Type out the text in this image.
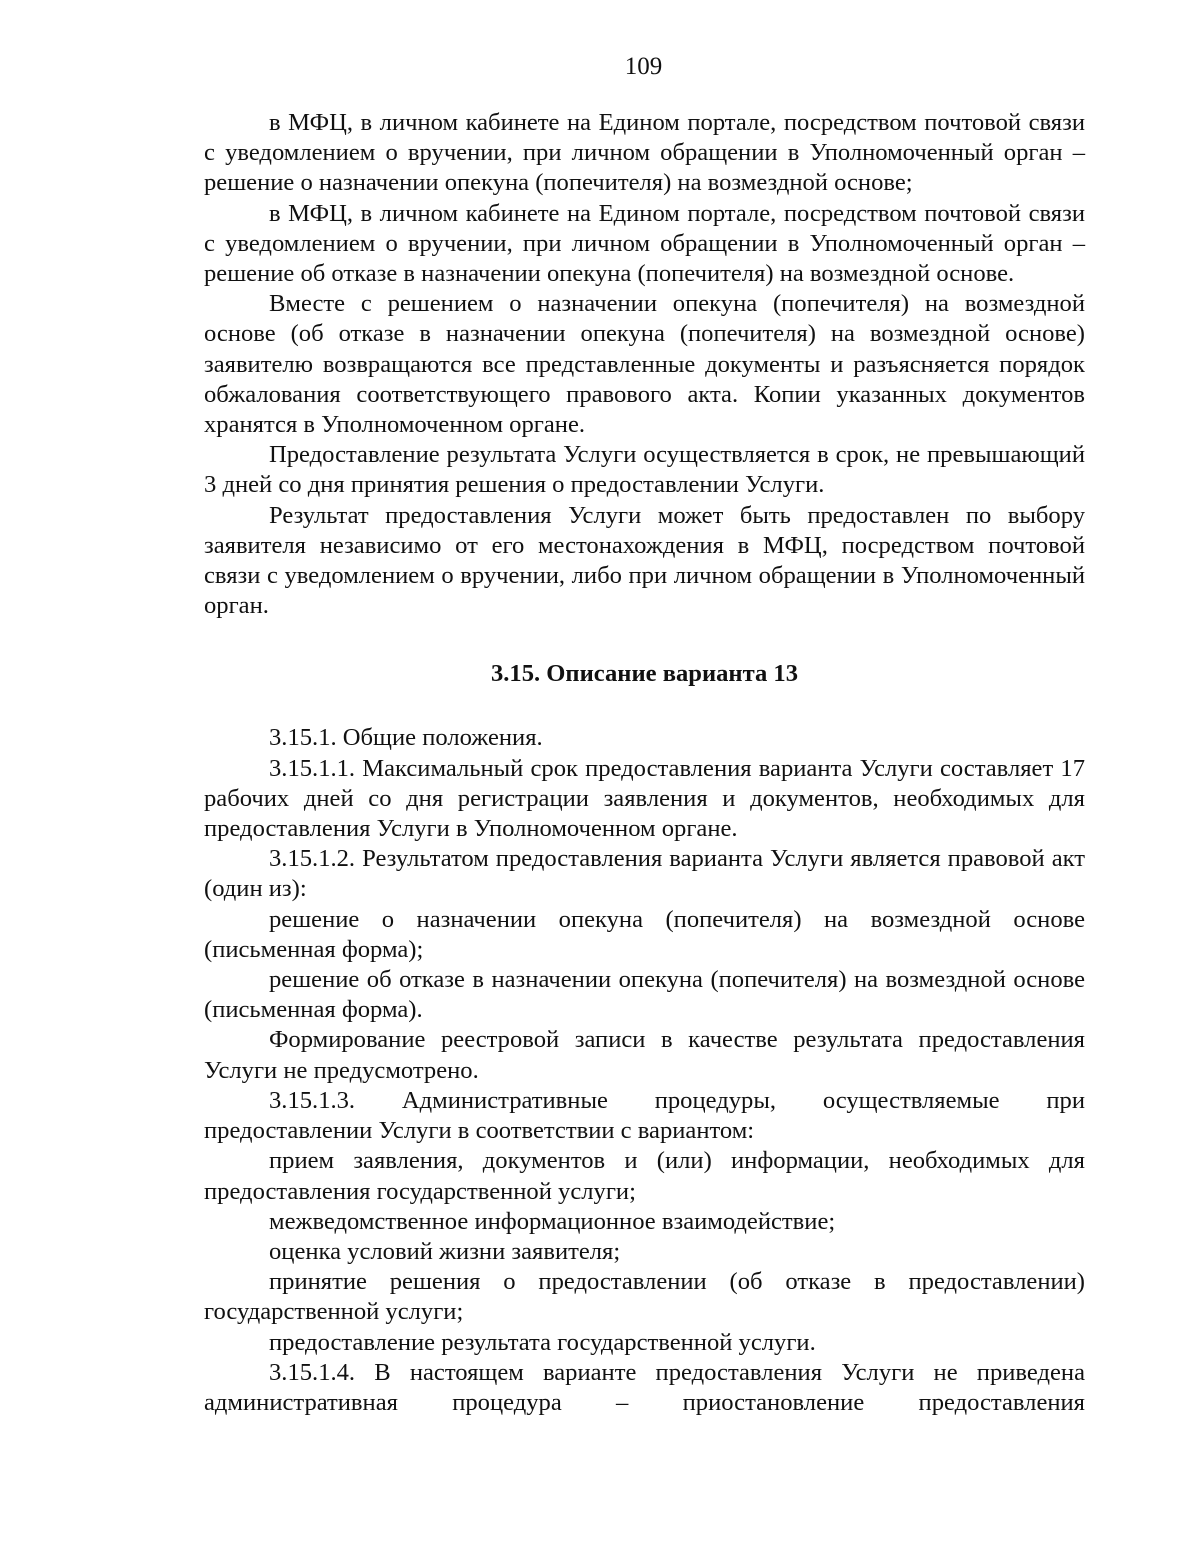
109

в МФЦ, в личном кабинете на Едином портале, посредством почтовой связи с уведомлением о вручении, при личном обращении в Уполномоченный орган – решение о назначении опекуна (попечителя) на возмездной основе;

в МФЦ, в личном кабинете на Едином портале, посредством почтовой связи с уведомлением о вручении, при личном обращении в Уполномоченный орган – решение об отказе в назначении опекуна (попечителя) на возмездной основе.

Вместе с решением о назначении опекуна (попечителя) на возмездной основе (об отказе в назначении опекуна (попечителя) на возмездной основе) заявителю возвращаются все представленные документы и разъясняется порядок обжалования соответствующего правового акта. Копии указанных документов хранятся в Уполномоченном органе.

Предоставление результата Услуги осуществляется в срок, не превышающий 3 дней со дня принятия решения о предоставлении Услуги.

Результат предоставления Услуги может быть предоставлен по выбору заявителя независимо от его местонахождения в МФЦ, посредством почтовой связи с уведомлением о вручении, либо при личном обращении в Уполномоченный орган.

3.15. Описание варианта 13

3.15.1. Общие положения.

3.15.1.1. Максимальный срок предоставления варианта Услуги составляет 17 рабочих дней со дня регистрации заявления и документов, необходимых для предоставления Услуги в Уполномоченном органе.

3.15.1.2. Результатом предоставления варианта Услуги является правовой акт (один из):

решение о назначении опекуна (попечителя) на возмездной основе (письменная форма);

решение об отказе в назначении опекуна (попечителя) на возмездной основе (письменная форма).

Формирование реестровой записи в качестве результата предоставления Услуги не предусмотрено.

3.15.1.3. Административные процедуры, осуществляемые при предоставлении Услуги в соответствии с вариантом:

прием заявления, документов и (или) информации, необходимых для предоставления государственной услуги;

межведомственное информационное взаимодействие;

оценка условий жизни заявителя;

принятие решения о предоставлении (об отказе в предоставлении) государственной услуги;

предоставление результата государственной услуги.

3.15.1.4. В настоящем варианте предоставления Услуги не приведена административная процедура – приостановление предоставления
